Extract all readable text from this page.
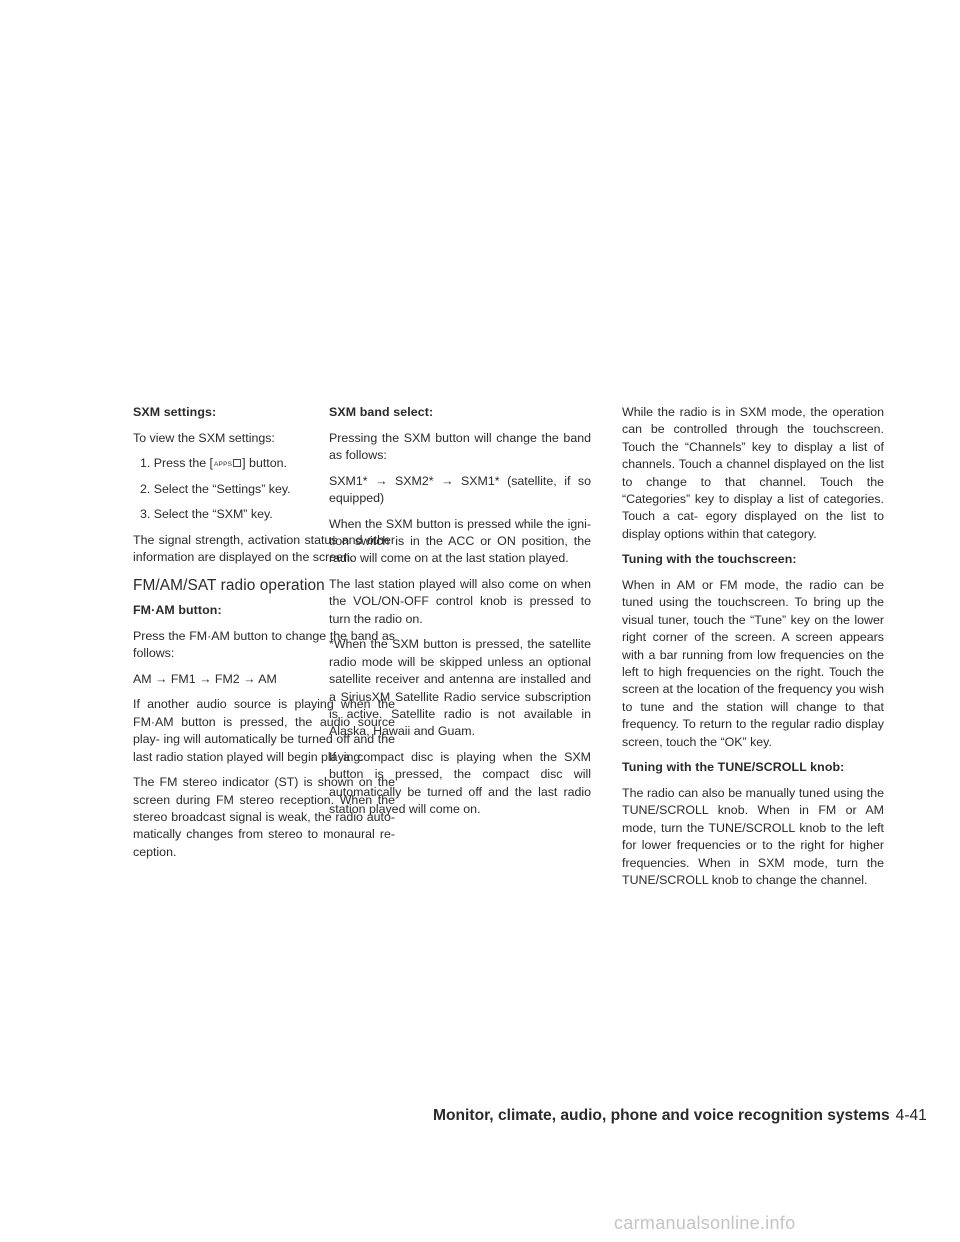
SXM settings:

To view the SXM settings:

1. Press the [APPS ] button.
2. Select the “Settings” key.
3. Select the “SXM” key.

The signal strength, activation status and other information are displayed on the screen.

FM/AM/SAT radio operation
FM·AM button:

Press the FM·AM button to change the band as follows:

AM → FM1 → FM2 → AM

If another audio source is playing when the FM·AM button is pressed, the audio source play- ing will automatically be turned off and the last radio station played will begin playing.

The FM stereo indicator (ST) is shown on the screen during FM stereo reception. When the stereo broadcast signal is weak, the radio auto- matically changes from stereo to monaural re- ception.

SXM band select:

Pressing the SXM button will change the band as follows:

SXM1* → SXM2* → SXM1* (satellite, if so equipped)

When the SXM button is pressed while the igni- tion switch is in the ACC or ON position, the radio will come on at the last station played.

The last station played will also come on when the VOL/ON-OFF control knob is pressed to turn the radio on.

*When the SXM button is pressed, the satellite radio mode will be skipped unless an optional satellite receiver and antenna are installed and a SiriusXM Satellite Radio service subscription is active. Satellite radio is not available in Alaska, Hawaii and Guam.

If a compact disc is playing when the SXM button is pressed, the compact disc will automatically be turned off and the last radio station played will come on.

While the radio is in SXM mode, the operation can be controlled through the touchscreen. Touch the “Channels” key to display a list of channels. Touch a channel displayed on the list to change to that channel. Touch the “Categories” key to display a list of categories. Touch a cat- egory displayed on the list to display options within that category.

Tuning with the touchscreen:

When in AM or FM mode, the radio can be tuned using the touchscreen. To bring up the visual tuner, touch the “Tune” key on the lower right corner of the screen. A screen appears with a bar running from low frequencies on the left to high frequencies on the right. Touch the screen at the location of the frequency you wish to tune and the station will change to that frequency. To return to the regular radio display screen, touch the “OK” key.

Tuning with the TUNE/SCROLL knob:

The radio can also be manually tuned using the TUNE/SCROLL knob. When in FM or AM mode, turn the TUNE/SCROLL knob to the left for lower frequencies or to the right for higher frequencies. When in SXM mode, turn the TUNE/SCROLL knob to change the channel.

Monitor, climate, audio, phone and voice recognition systems 4-41
carmanualsonline.info
